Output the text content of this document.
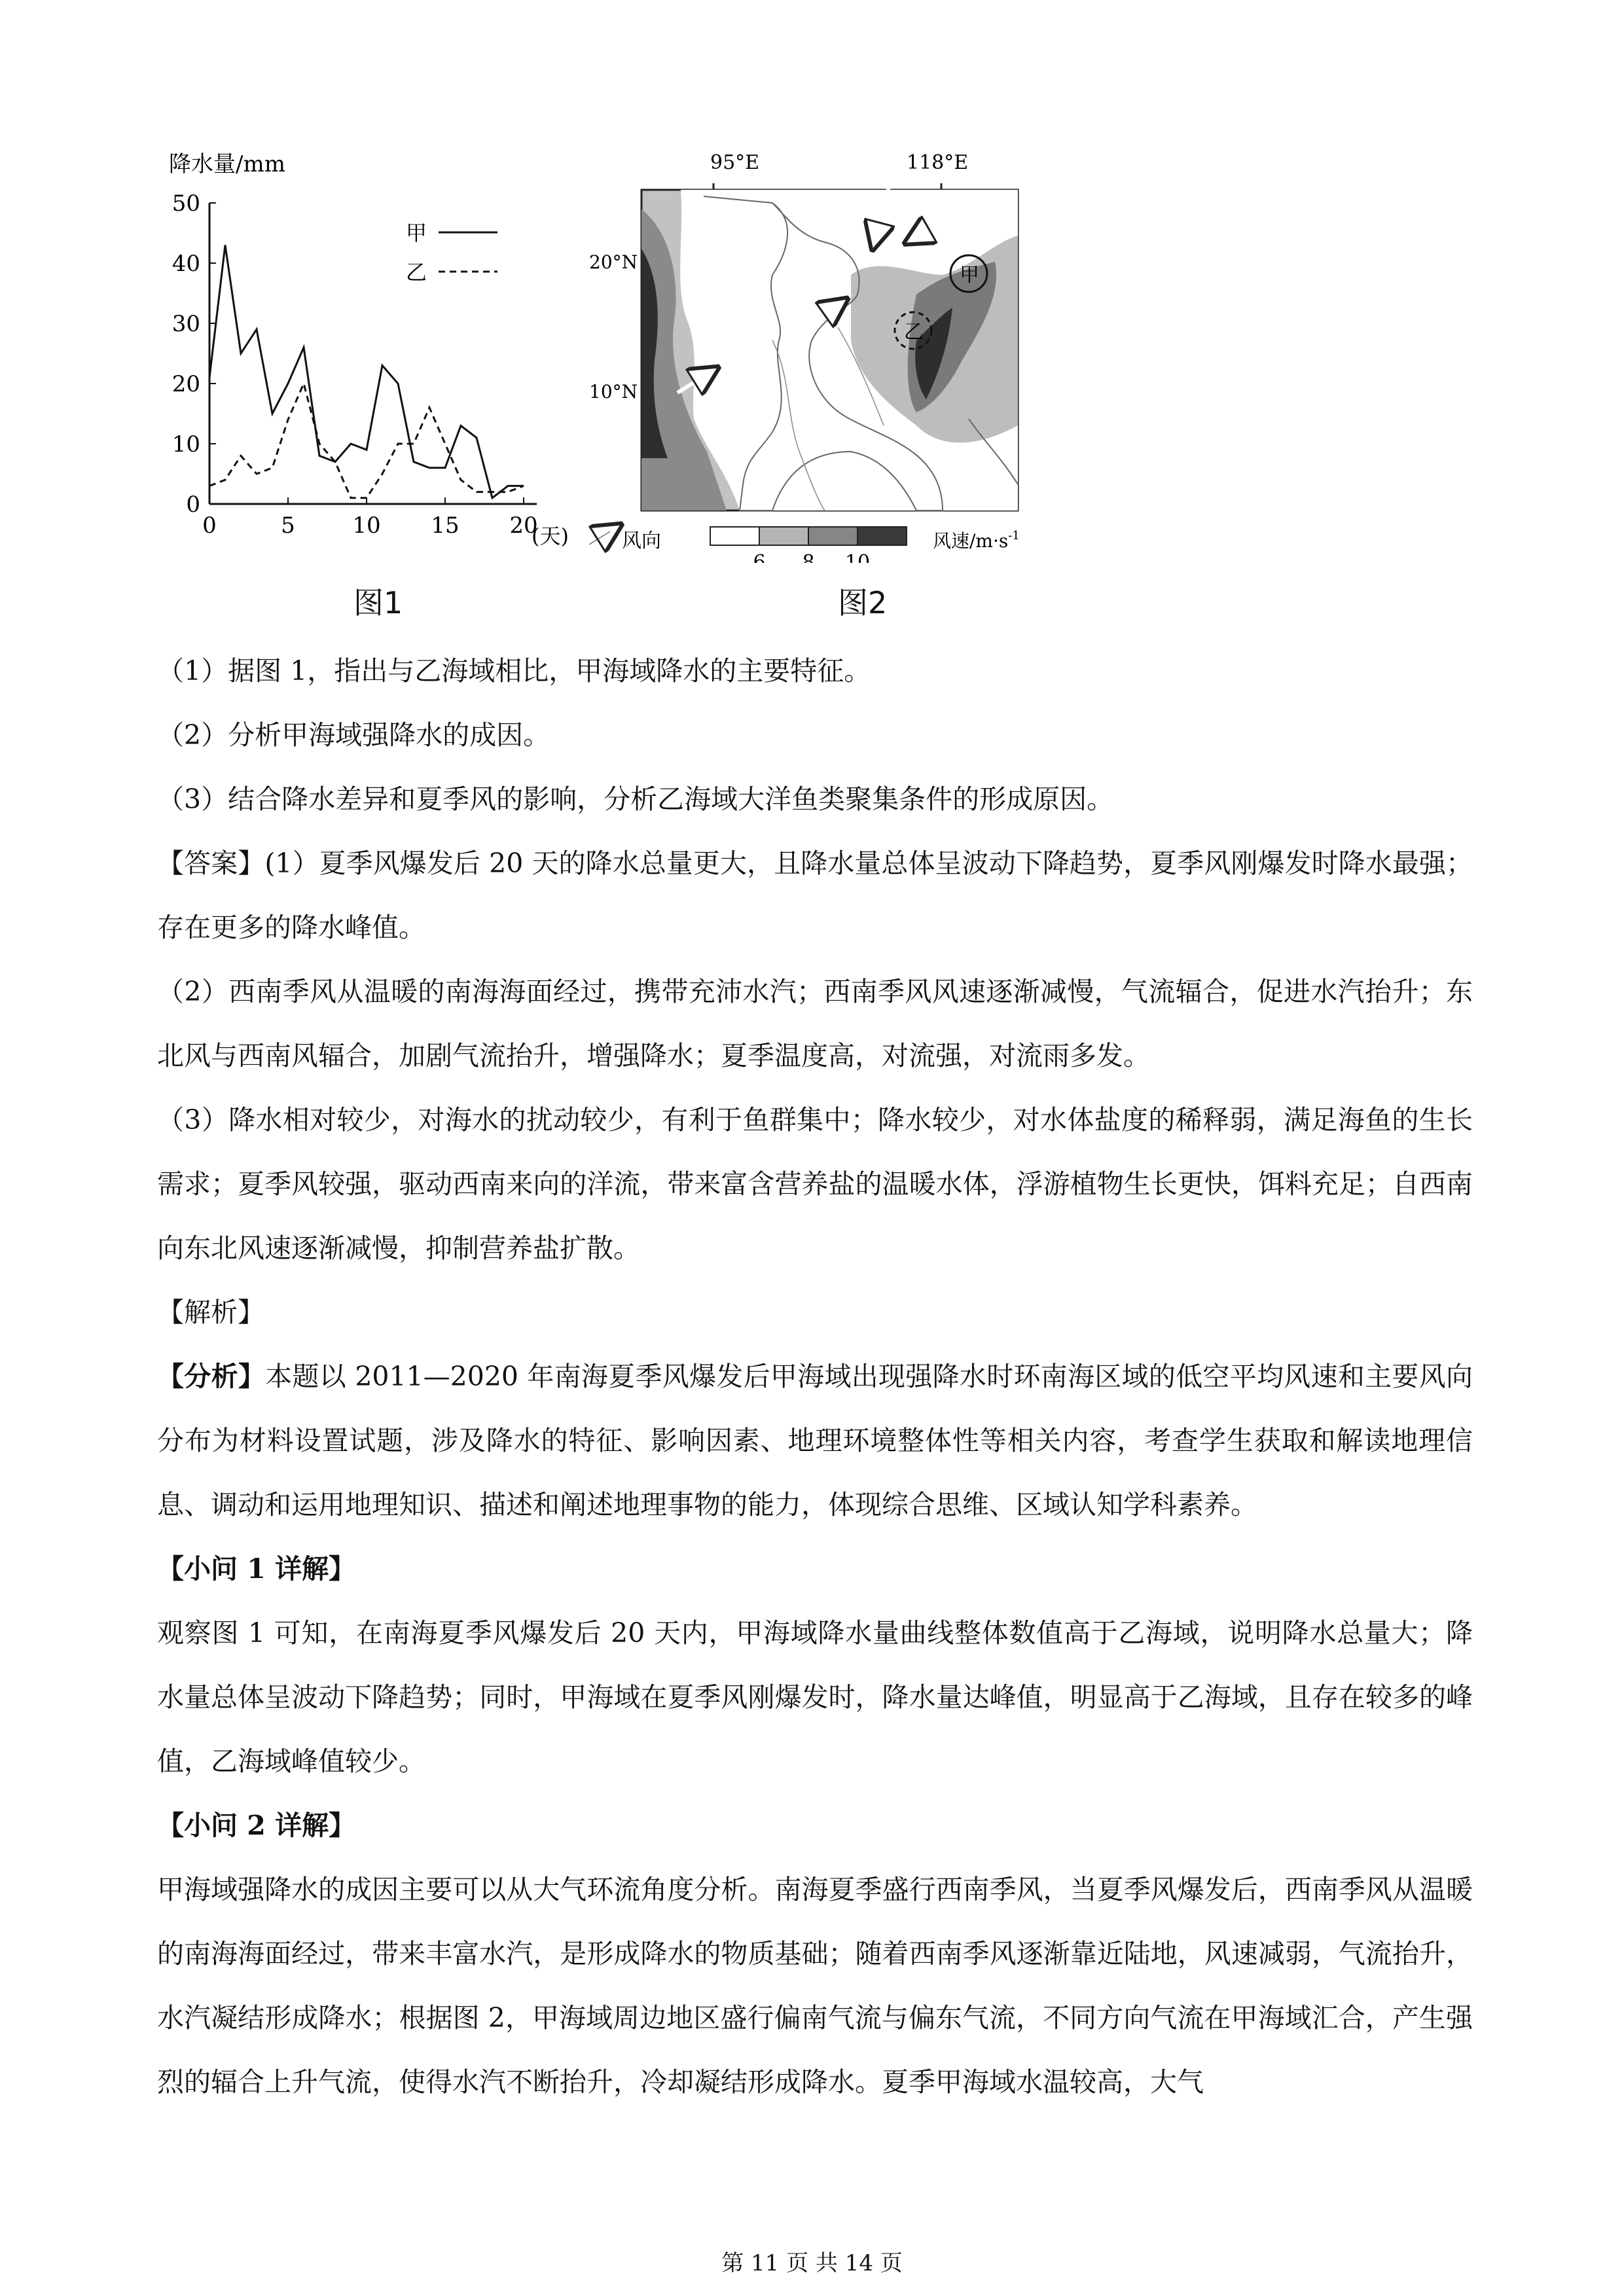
降水量/mm
0
10
20
30
40
50
0	5	10 15 20
甲
乙
(天)
图1
95°E	118°E
20°N
10°N
甲
乙
风向
6 8 10
风速$/m\cdot s^{-1}$
图2

（1）据图 1，指出与乙海域相比，甲海域降水的主要特征。

（2）分析甲海域强降水的成因。

（3）结合降水差异和夏季风的影响，分析乙海域大洋鱼类聚集条件的形成原因。

【答案】(1）夏季风爆发后 20 天的降水总量更大，且降水量总体呈波动下降趋势，夏季风刚爆发时降水最强；存在更多的降水峰值。

（2）西南季风从温暖的南海海面经过，携带充沛水汽；西南季风风速逐渐减慢，气流辐合，促进水汽抬升；东北风与西南风辐合，加剧气流抬升，增强降水；夏季温度高，对流强，对流雨多发。

（3）降水相对较少，对海水的扰动较少，有利于鱼群集中；降水较少，对水体盐度的稀释弱，满足海鱼的生长需求；夏季风较强，驱动西南来向的洋流，带来富含营养盐的温暖水体，浮游植物生长更快，饵料充足；自西南向东北风速逐渐减慢，抑制营养盐扩散。

【解析】

【分析】本题以 2011—2020 年南海夏季风爆发后甲海域出现强降水时环南海区域的低空平均风速和主要风向分布为材料设置试题，涉及降水的特征、影响因素、地理环境整体性等相关内容，考查学生获取和解读地理信息、调动和运用地理知识、描述和阐述地理事物的能力，体现综合思维、区域认知学科素养。

【小问 1 详解】

观察图 1 可知，在南海夏季风爆发后 20 天内，甲海域降水量曲线整体数值高于乙海域，说明降水总量大；降水量总体呈波动下降趋势；同时，甲海域在夏季风刚爆发时，降水量达峰值，明显高于乙海域，且存在较多的峰值，乙海域峰值较少。

【小问 2 详解】

甲海域强降水的成因主要可以从大气环流角度分析。南海夏季盛行西南季风，当夏季风爆发后，西南季风从温暖的南海海面经过，带来丰富水汽，是形成降水的物质基础；随着西南季风逐渐靠近陆地，风速减弱，气流抬升，水汽凝结形成降水；根据图 2，甲海域周边地区盛行偏南气流与偏东气流，不同方向气流在甲海域汇合，产生强烈的辐合上升气流，使得水汽不断抬升，冷却凝结形成降水。夏季甲海域水温较高，大气

第 11 页 共 14 页
